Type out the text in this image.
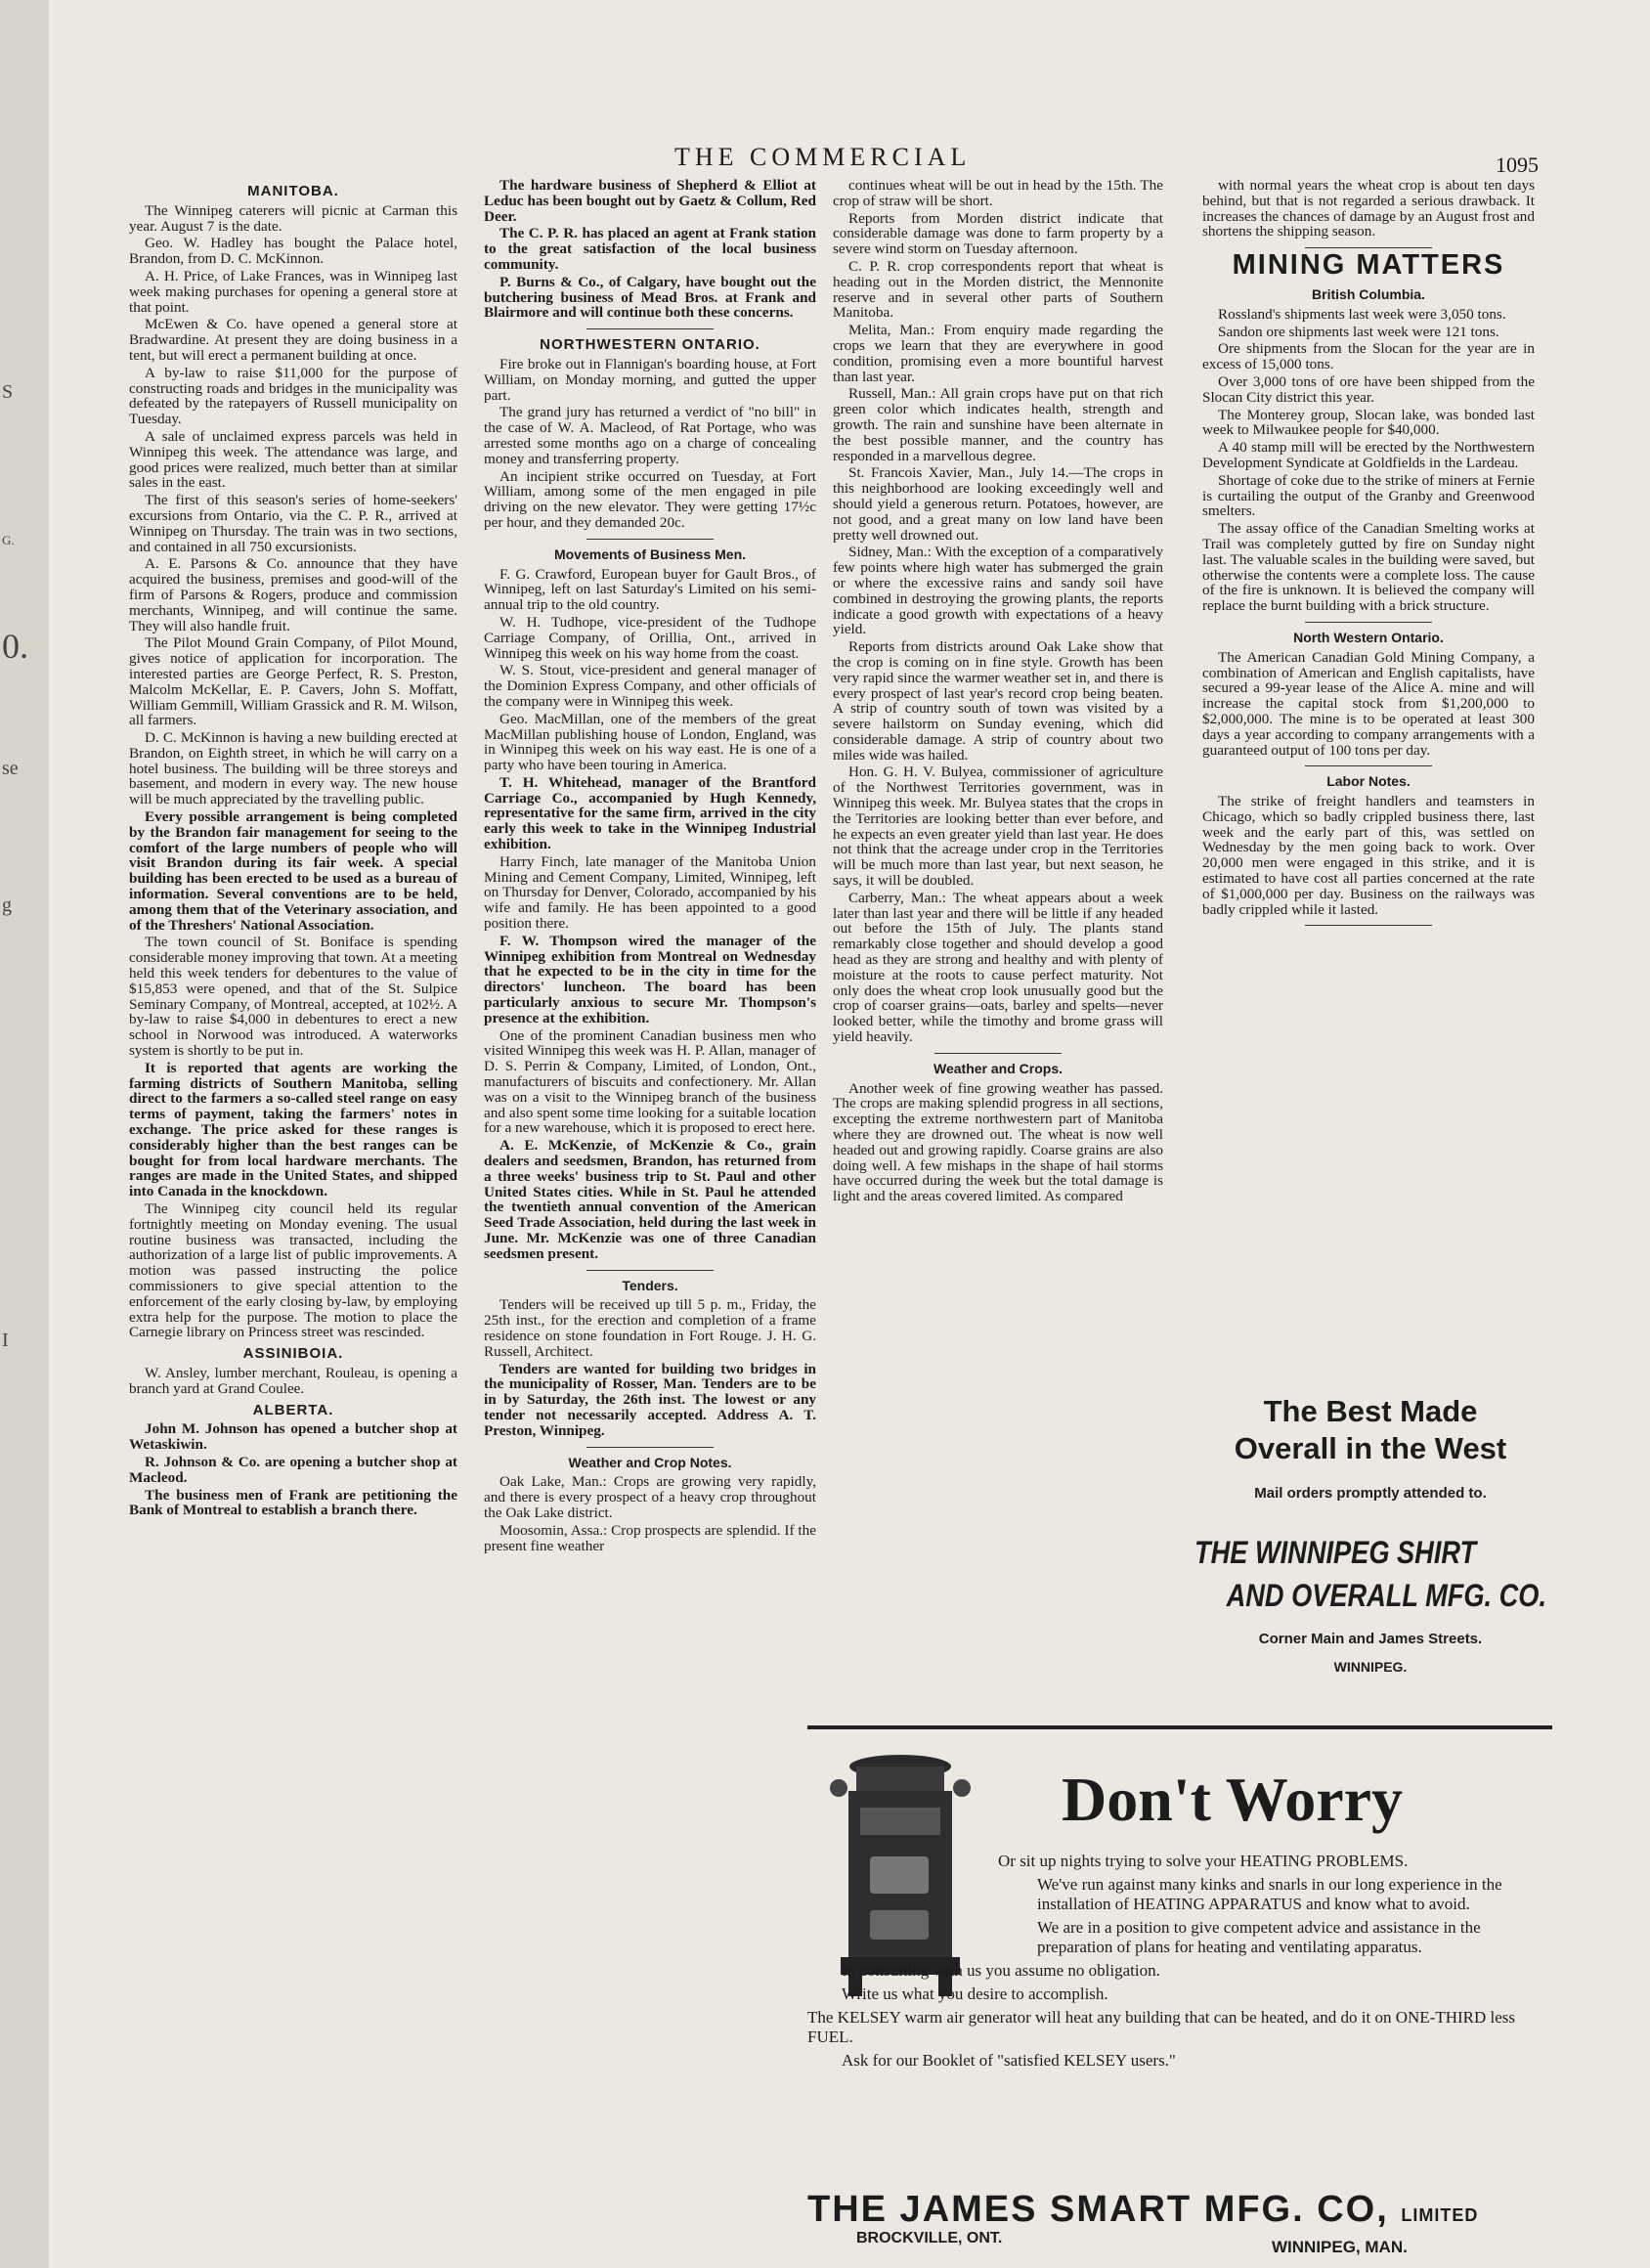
S
G.
0.
se
g
I
THE COMMERCIAL	1095
MANITOBA.

The Winnipeg caterers will picnic at Carman this year. August 7 is the date.

Geo. W. Hadley has bought the Palace hotel, Brandon, from D. C. McKinnon.

A. H. Price, of Lake Frances, was in Winnipeg last week making purchases for opening a general store at that point.

McEwen & Co. have opened a general store at Bradwardine. At present they are doing business in a tent, but will erect a permanent building at once.

A by-law to raise $11,000 for the purpose of constructing roads and bridges in the municipality was defeated by the ratepayers of Russell municipality on Tuesday.

A sale of unclaimed express parcels was held in Winnipeg this week. The attendance was large, and good prices were realized, much better than at similar sales in the east.

The first of this season's series of home-seekers' excursions from Ontario, via the C. P. R., arrived at Winnipeg on Thursday. The train was in two sections, and contained in all 750 excursionists.

A. E. Parsons & Co. announce that they have acquired the business, premises and good-will of the firm of Parsons & Rogers, produce and commission merchants, Winnipeg, and will continue the same. They will also handle fruit.

The Pilot Mound Grain Company, of Pilot Mound, gives notice of application for incorporation. The interested parties are George Perfect, R. S. Preston, Malcolm McKellar, E. P. Cavers, John S. Moffatt, William Gemmill, William Grassick and R. M. Wilson, all farmers.

D. C. McKinnon is having a new building erected at Brandon, on Eighth street, in which he will carry on a hotel business. The building will be three storeys and basement, and modern in every way. The new house will be much appreciated by the travelling public.

Every possible arrangement is being completed by the Brandon fair management for seeing to the comfort of the large numbers of people who will visit Brandon during its fair week. A special building has been erected to be used as a bureau of information. Several conventions are to be held, among them that of the Veterinary association, and of the Threshers' National Association.

The town council of St. Boniface is spending considerable money improving that town. At a meeting held this week tenders for debentures to the value of $15,853 were opened, and that of the St. Sulpice Seminary Company, of Montreal, accepted, at 102½. A by-law to raise $4,000 in debentures to erect a new school in Norwood was introduced. A waterworks system is shortly to be put in.

It is reported that agents are working the farming districts of Southern Manitoba, selling direct to the farmers a so-called steel range on easy terms of payment, taking the farmers' notes in exchange. The price asked for these ranges is considerably higher than the best ranges can be bought for from local hardware merchants. The ranges are made in the United States, and shipped into Canada in the knockdown.

The Winnipeg city council held its regular fortnightly meeting on Monday evening. The usual routine business was transacted, including the authorization of a large list of public improvements. A motion was passed instructing the police commissioners to give special attention to the enforcement of the early closing by-law, by employing extra help for the purpose. The motion to place the Carnegie library on Princess street was rescinded.

ASSINIBOIA.

W. Ansley, lumber merchant, Rouleau, is opening a branch yard at Grand Coulee.

ALBERTA.

John M. Johnson has opened a butcher shop at Wetaskiwin.

R. Johnson & Co. are opening a butcher shop at Macleod.

The business men of Frank are petitioning the Bank of Montreal to establish a branch there.

The hardware business of Shepherd & Elliot at Leduc has been bought out by Gaetz & Collum, Red Deer.

The C. P. R. has placed an agent at Frank station to the great satisfaction of the local business community.

P. Burns & Co., of Calgary, have bought out the butchering business of Mead Bros. at Frank and Blairmore and will continue both these concerns.

NORTHWESTERN ONTARIO.

Fire broke out in Flannigan's boarding house, at Fort William, on Monday morning, and gutted the upper part.

The grand jury has returned a verdict of "no bill" in the case of W. A. Macleod, of Rat Portage, who was arrested some months ago on a charge of concealing money and transferring property.

An incipient strike occurred on Tuesday, at Fort William, among some of the men engaged in pile driving on the new elevator. They were getting 17½c per hour, and they demanded 20c.

Movements of Business Men.

F. G. Crawford, European buyer for Gault Bros., of Winnipeg, left on last Saturday's Limited on his semi-annual trip to the old country.

W. H. Tudhope, vice-president of the Tudhope Carriage Company, of Orillia, Ont., arrived in Winnipeg this week on his way home from the coast.

W. S. Stout, vice-president and general manager of the Dominion Express Company, and other officials of the company were in Winnipeg this week.

Geo. MacMillan, one of the members of the great MacMillan publishing house of London, England, was in Winnipeg this week on his way east. He is one of a party who have been touring in America.

T. H. Whitehead, manager of the Brantford Carriage Co., accompanied by Hugh Kennedy, representative for the same firm, arrived in the city early this week to take in the Winnipeg Industrial exhibition.

Harry Finch, late manager of the Manitoba Union Mining and Cement Company, Limited, Winnipeg, left on Thursday for Denver, Colorado, accompanied by his wife and family. He has been appointed to a good position there.

F. W. Thompson wired the manager of the Winnipeg exhibition from Montreal on Wednesday that he expected to be in the city in time for the directors' luncheon. The board has been particularly anxious to secure Mr. Thompson's presence at the exhibition.

One of the prominent Canadian business men who visited Winnipeg this week was H. P. Allan, manager of D. S. Perrin & Company, Limited, of London, Ont., manufacturers of biscuits and confectionery. Mr. Allan was on a visit to the Winnipeg branch of the business and also spent some time looking for a suitable location for a new warehouse, which it is proposed to erect here.

A. E. McKenzie, of McKenzie & Co., grain dealers and seedsmen, Brandon, has returned from a three weeks' business trip to St. Paul and other United States cities. While in St. Paul he attended the twentieth annual convention of the American Seed Trade Association, held during the last week in June. Mr. McKenzie was one of three Canadian seedsmen present.

Tenders.

Tenders will be received up till 5 p. m., Friday, the 25th inst., for the erection and completion of a frame residence on stone foundation in Fort Rouge. J. H. G. Russell, Architect.

Tenders are wanted for building two bridges in the municipality of Rosser, Man. Tenders are to be in by Saturday, the 26th inst. The lowest or any tender not necessarily accepted. Address A. T. Preston, Winnipeg.

Weather and Crop Notes.

Oak Lake, Man.: Crops are growing very rapidly, and there is every prospect of a heavy crop throughout the Oak Lake district.

Moosomin, Assa.: Crop prospects are splendid. If the present fine weather

continues wheat will be out in head by the 15th. The crop of straw will be short.

Reports from Morden district indicate that considerable damage was done to farm property by a severe wind storm on Tuesday afternoon.

C. P. R. crop correspondents report that wheat is heading out in the Morden district, the Mennonite reserve and in several other parts of Southern Manitoba.

Melita, Man.: From enquiry made regarding the crops we learn that they are everywhere in good condition, promising even a more bountiful harvest than last year.

Russell, Man.: All grain crops have put on that rich green color which indicates health, strength and growth. The rain and sunshine have been alternate in the best possible manner, and the country has responded in a marvellous degree.

St. Francois Xavier, Man., July 14.—The crops in this neighborhood are looking exceedingly well and should yield a generous return. Potatoes, however, are not good, and a great many on low land have been pretty well drowned out.

Sidney, Man.: With the exception of a comparatively few points where high water has submerged the grain or where the excessive rains and sandy soil have combined in destroying the growing plants, the reports indicate a good growth with expectations of a heavy yield.

Reports from districts around Oak Lake show that the crop is coming on in fine style. Growth has been very rapid since the warmer weather set in, and there is every prospect of last year's record crop being beaten. A strip of country south of town was visited by a severe hailstorm on Sunday evening, which did considerable damage. A strip of country about two miles wide was hailed.

Hon. G. H. V. Bulyea, commissioner of agriculture of the Northwest Territories government, was in Winnipeg this week. Mr. Bulyea states that the crops in the Territories are looking better than ever before, and he expects an even greater yield than last year. He does not think that the acreage under crop in the Territories will be much more than last year, but next season, he says, it will be doubled.

Carberry, Man.: The wheat appears about a week later than last year and there will be little if any headed out before the 15th of July. The plants stand remarkably close together and should develop a good head as they are strong and healthy and with plenty of moisture at the roots to cause perfect maturity. Not only does the wheat crop look unusually good but the crop of coarser grains—oats, barley and spelts—never looked better, while the timothy and brome grass will yield heavily.

Weather and Crops.

Another week of fine growing weather has passed. The crops are making splendid progress in all sections, excepting the extreme northwestern part of Manitoba where they are drowned out. The wheat is now well headed out and growing rapidly. Coarse grains are also doing well. A few mishaps in the shape of hail storms have occurred during the week but the total damage is light and the areas covered limited. As compared

with normal years the wheat crop is about ten days behind, but that is not regarded a serious drawback. It increases the chances of damage by an August frost and shortens the shipping season.

MINING MATTERS
British Columbia.

Rossland's shipments last week were 3,050 tons.

Sandon ore shipments last week were 121 tons.

Ore shipments from the Slocan for the year are in excess of 15,000 tons.

Over 3,000 tons of ore have been shipped from the Slocan City district this year.

The Monterey group, Slocan lake, was bonded last week to Milwaukee people for $40,000.

A 40 stamp mill will be erected by the Northwestern Development Syndicate at Goldfields in the Lardeau.

Shortage of coke due to the strike of miners at Fernie is curtailing the output of the Granby and Greenwood smelters.

The assay office of the Canadian Smelting works at Trail was completely gutted by fire on Sunday night last. The valuable scales in the building were saved, but otherwise the contents were a complete loss. The cause of the fire is unknown. It is believed the company will replace the burnt building with a brick structure.

North Western Ontario.

The American Canadian Gold Mining Company, a combination of American and English capitalists, have secured a 99-year lease of the Alice A. mine and will increase the capital stock from $1,200,000 to $2,000,000. The mine is to be operated at least 300 days a year according to company arrangements with a guaranteed output of 100 tons per day.

Labor Notes.

The strike of freight handlers and teamsters in Chicago, which so badly crippled business there, last week and the early part of this, was settled on Wednesday by the men going back to work. Over 20,000 men were engaged in this strike, and it is estimated to have cost all parties concerned at the rate of $1,000,000 per day. Business on the railways was badly crippled while it lasted.

The Best Made
Overall in the West
Mail orders promptly attended to.
THE WINNIPEG SHIRT
AND OVERALL MFG. CO.
Corner Main and James Streets.
WINNIPEG.
Don't Worry

Or sit up nights trying to solve your HEATING PROBLEMS.

We've run against many kinks and snarls in our long experience in the installation of HEATING APPARATUS and know what to avoid.

We are in a position to give competent advice and assistance in the preparation of plans for heating and ventilating apparatus.

In consulting with us you assume no obligation.

Write us what you desire to accomplish.

The KELSEY warm air generator will heat any building that can be heated, and do it on ONE-THIRD less FUEL.

Ask for our Booklet of "satisfied KELSEY users."

THE JAMES SMART MFG. CO, LIMITED
BROCKVILLE, ONT.	WINNIPEG, MAN.
